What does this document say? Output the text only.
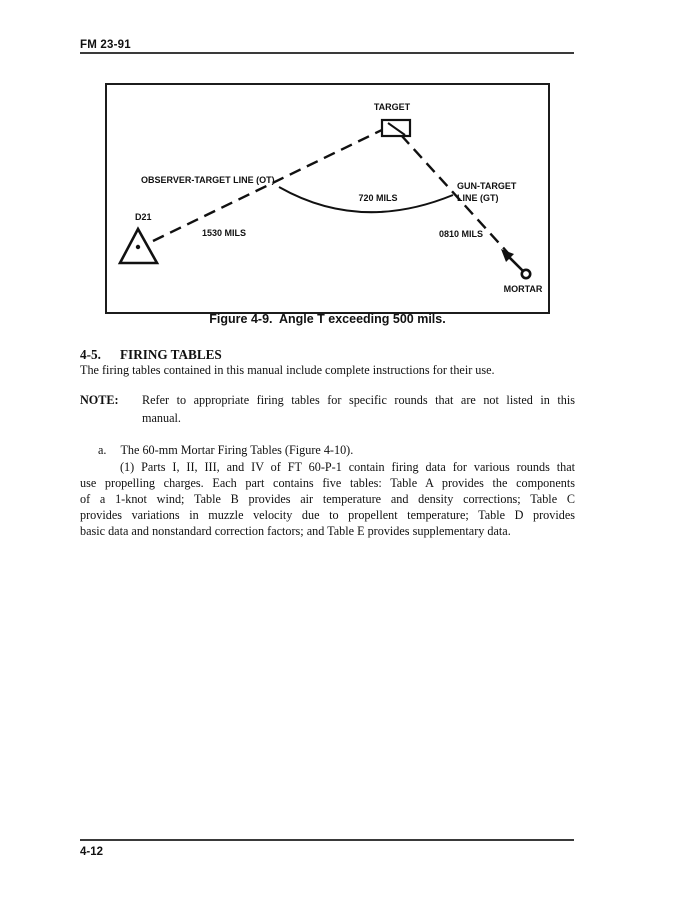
FM 23-91
TARGET
OBSERVER-TARGET LINE (OT)
GUN-TARGET
LINE (GT)
720 MILS
1530 MILS	0810 MILS
D21
MORTAR
Figure 4-9.  Angle T exceeding 500 mils.
4-5. FIRING TABLES
The firing tables contained in this manual include complete instructions for their use.
NOTE:	Refer to appropriate firing tables for specific rounds that are not listed in this
manual.
a. The 60-mm Mortar Firing Tables (Figure 4-10).
(1) Parts I, II, III, and IV of FT 60-P-1 contain firing data for various rounds that
use propelling charges. Each part contains five tables: Table A provides the components
of a 1-knot wind; Table B provides air temperature and density corrections; Table C
provides variations in muzzle velocity due to propellent temperature; Table D provides
basic data and nonstandard correction factors; and Table E provides supplementary data.
4-12
